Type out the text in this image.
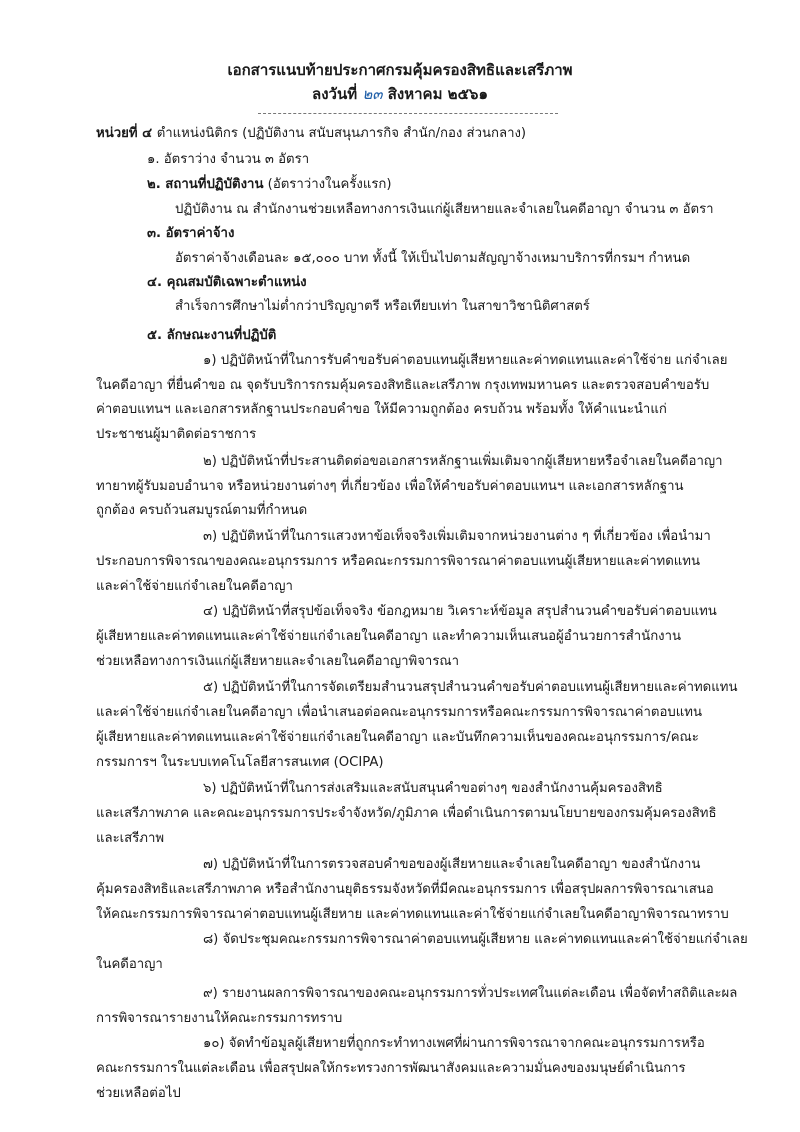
เอกสารแนบท้ายประกาศกรมคุ้มครองสิทธิและเสรีภาพ
ลงวันที่ ๒๓ สิงหาคม ๒๕๖๑
หน่วยที่ ๔ ตำแหน่งนิติกร (ปฏิบัติงาน สนับสนุนภารกิจ สำนัก/กอง ส่วนกลาง)
๑. อัตราว่าง จำนวน ๓ อัตรา
๒. สถานที่ปฏิบัติงาน (อัตราว่างในครั้งแรก)
ปฏิบัติงาน ณ สำนักงานช่วยเหลือทางการเงินแก่ผู้เสียหายและจำเลยในคดีอาญา จำนวน ๓ อัตรา
๓. อัตราค่าจ้าง
อัตราค่าจ้างเดือนละ ๑๕,๐๐๐ บาท ทั้งนี้ ให้เป็นไปตามสัญญาจ้างเหมาบริการที่กรมฯ กำหนด
๔. คุณสมบัติเฉพาะตำแหน่ง
สำเร็จการศึกษาไม่ต่ำกว่าปริญญาตรี หรือเทียบเท่า ในสาขาวิชานิติศาสตร์
๕. ลักษณะงานที่ปฏิบัติ
๑) ปฏิบัติหน้าที่ในการรับคำขอรับค่าตอบแทนผู้เสียหายและค่าทดแทนและค่าใช้จ่าย แก่จำเลย
ในคดีอาญา ที่ยื่นคำขอ ณ จุดรับบริการกรมคุ้มครองสิทธิและเสรีภาพ กรุงเทพมหานคร และตรวจสอบคำขอรับ
ค่าตอบแทนฯ และเอกสารหลักฐานประกอบคำขอ ให้มีความถูกต้อง ครบถ้วน พร้อมทั้ง ให้คำแนะนำแก่
ประชาชนผู้มาติดต่อราชการ
๒) ปฏิบัติหน้าที่ประสานติดต่อขอเอกสารหลักฐานเพิ่มเติมจากผู้เสียหายหรือจำเลยในคดีอาญา
ทายาทผู้รับมอบอำนาจ หรือหน่วยงานต่างๆ ที่เกี่ยวข้อง เพื่อให้คำขอรับค่าตอบแทนฯ และเอกสารหลักฐาน
ถูกต้อง ครบถ้วนสมบูรณ์ตามที่กำหนด
๓) ปฏิบัติหน้าที่ในการแสวงหาข้อเท็จจริงเพิ่มเติมจากหน่วยงานต่าง ๆ ที่เกี่ยวข้อง เพื่อนำมา
ประกอบการพิจารณาของคณะอนุกรรมการ หรือคณะกรรมการพิจารณาค่าตอบแทนผู้เสียหายและค่าทดแทน
และค่าใช้จ่ายแก่จำเลยในคดีอาญา
๔) ปฏิบัติหน้าที่สรุปข้อเท็จจริง ข้อกฎหมาย วิเคราะห์ข้อมูล สรุปสำนวนคำขอรับค่าตอบแทน
ผู้เสียหายและค่าทดแทนและค่าใช้จ่ายแก่จำเลยในคดีอาญา และทำความเห็นเสนอผู้อำนวยการสำนักงาน
ช่วยเหลือทางการเงินแก่ผู้เสียหายและจำเลยในคดีอาญาพิจารณา
๕) ปฏิบัติหน้าที่ในการจัดเตรียมสำนวนสรุปสำนวนคำขอรับค่าตอบแทนผู้เสียหายและค่าทดแทน
และค่าใช้จ่ายแก่จำเลยในคดีอาญา เพื่อนำเสนอต่อคณะอนุกรรมการหรือคณะกรรมการพิจารณาค่าตอบแทน
ผู้เสียหายและค่าทดแทนและค่าใช้จ่ายแก่จำเลยในคดีอาญา และบันทึกความเห็นของคณะอนุกรรมการ/คณะ
กรรมการฯ ในระบบเทคโนโลยีสารสนเทศ (OCIPA)
๖) ปฏิบัติหน้าที่ในการส่งเสริมและสนับสนุนคำขอต่างๆ ของสำนักงานคุ้มครองสิทธิ
และเสรีภาพภาค และคณะอนุกรรมการประจำจังหวัด/ภูมิภาค เพื่อดำเนินการตามนโยบายของกรมคุ้มครองสิทธิ
และเสรีภาพ
๗) ปฏิบัติหน้าที่ในการตรวจสอบคำขอของผู้เสียหายและจำเลยในคดีอาญา ของสำนักงาน
คุ้มครองสิทธิและเสรีภาพภาค หรือสำนักงานยุติธรรมจังหวัดที่มีคณะอนุกรรมการ เพื่อสรุปผลการพิจารณาเสนอ
ให้คณะกรรมการพิจารณาค่าตอบแทนผู้เสียหาย และค่าทดแทนและค่าใช้จ่ายแก่จำเลยในคดีอาญาพิจารณาทราบ
๘) จัดประชุมคณะกรรมการพิจารณาค่าตอบแทนผู้เสียหาย และค่าทดแทนและค่าใช้จ่ายแก่จำเลย
ในคดีอาญา
๙) รายงานผลการพิจารณาของคณะอนุกรรมการทั่วประเทศในแต่ละเดือน เพื่อจัดทำสถิติและผล
การพิจารณารายงานให้คณะกรรมการทราบ
๑๐) จัดทำข้อมูลผู้เสียหายที่ถูกกระทำทางเพศที่ผ่านการพิจารณาจากคณะอนุกรรมการหรือ
คณะกรรมการในแต่ละเดือน เพื่อสรุปผลให้กระทรวงการพัฒนาสังคมและความมั่นคงของมนุษย์ดำเนินการ
ช่วยเหลือต่อไป
